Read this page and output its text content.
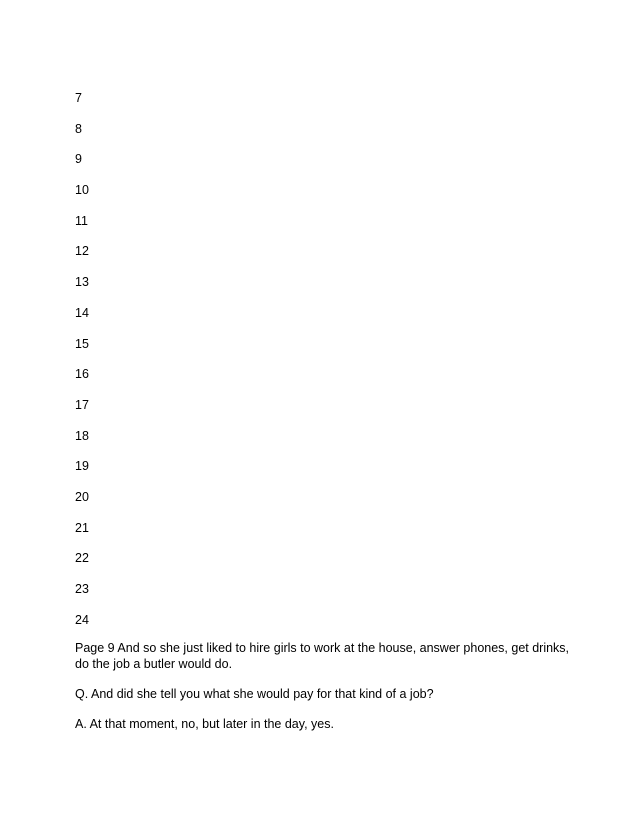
7
8
9
10
11
12
13
14
15
16
17
18
19
20
21
22
23
24

Page 9 And so she just liked to hire girls to work at the house, answer phones, get drinks, do the job a butler would do.

Q. And did she tell you what she would pay for that kind of a job?

A. At that moment, no, but later in the day, yes.
